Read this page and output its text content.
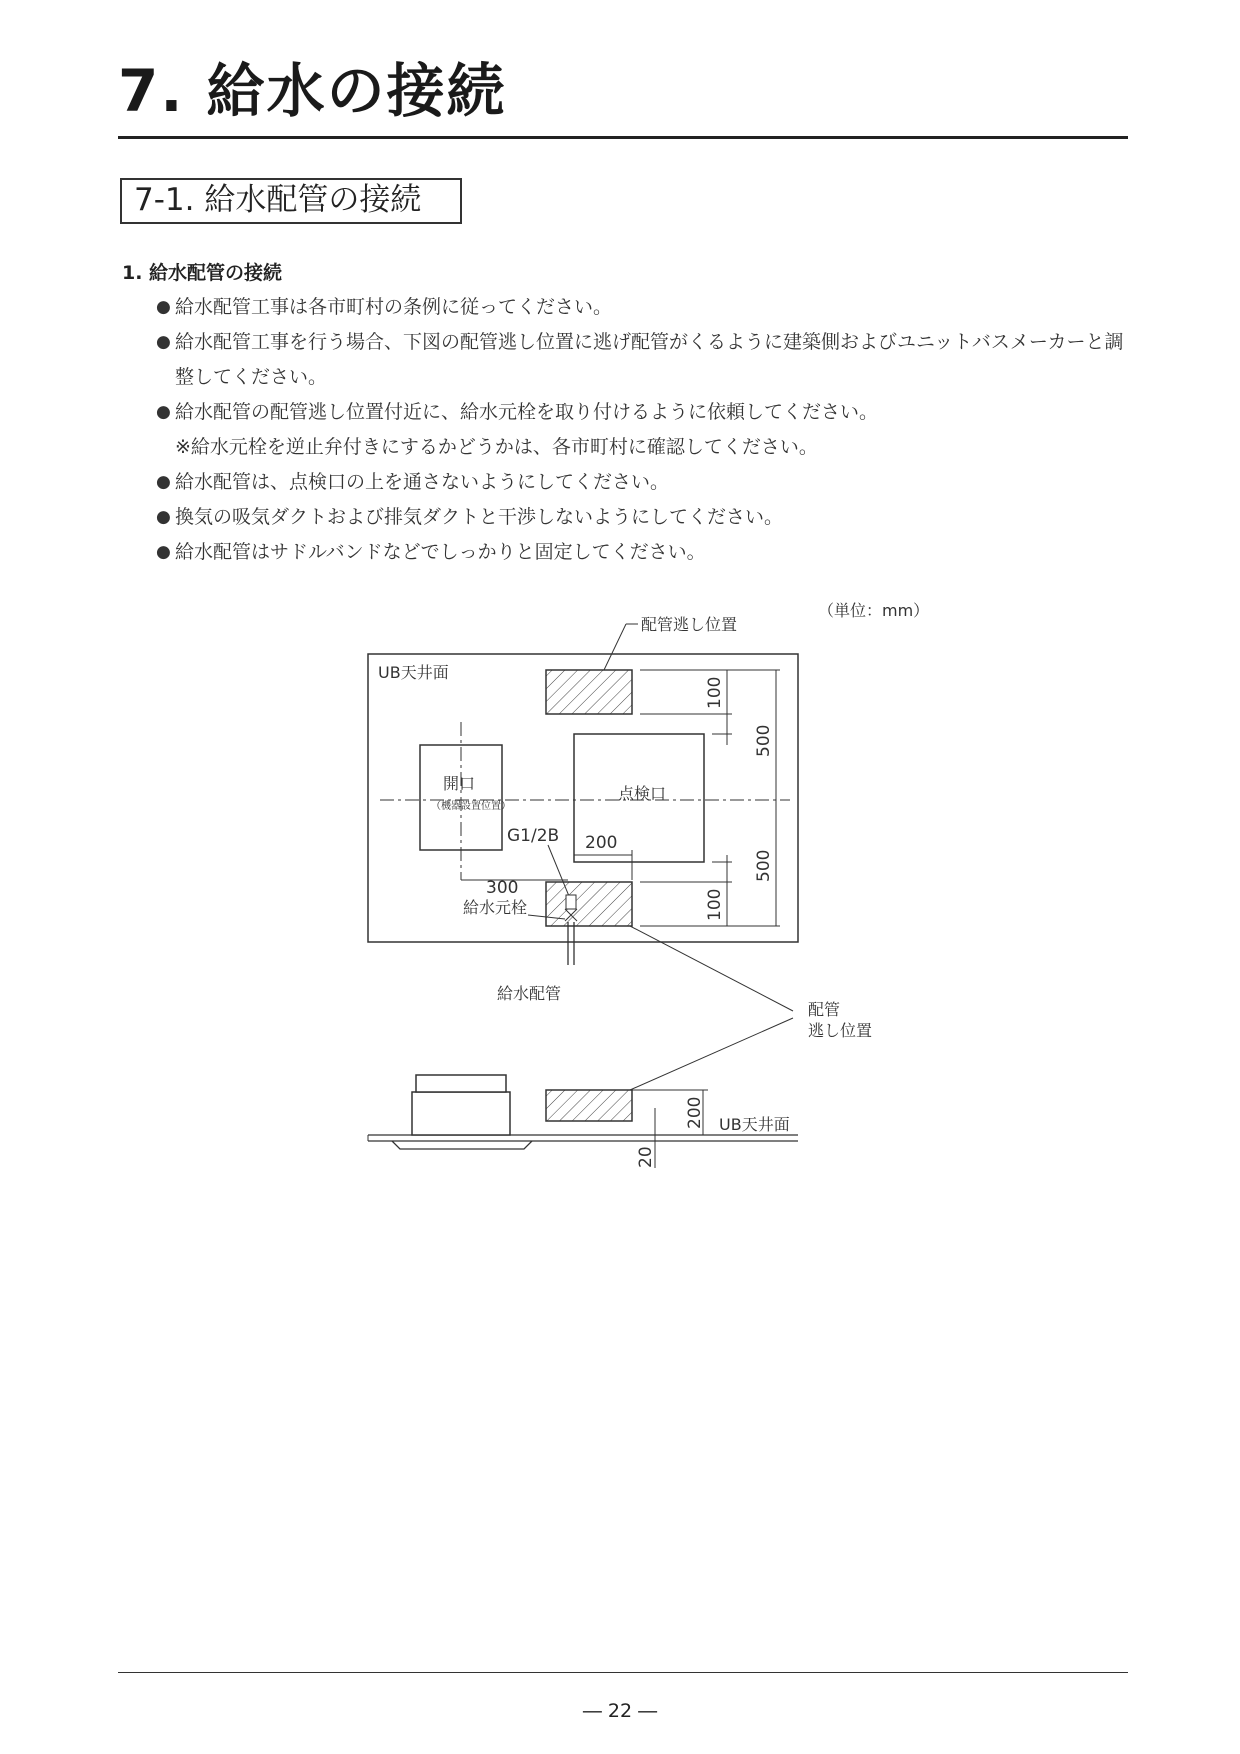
7. 給水の接続
7-1. 給水配管の接続
1. 給水配管の接続
● 給水配管工事は各市町村の条例に従ってください。
● 給水配管工事を行う場合、下図の配管逃し位置に逃げ配管がくるように建築側およびユニットバスメーカーと調整してください。
● 給水配管の配管逃し位置付近に、給水元栓を取り付けるように依頼してください。
※給水元栓を逆止弁付きにするかどうかは、各市町村に確認してください。
● 給水配管は、点検口の上を通さないようにしてください。
● 換気の吸気ダクトおよび排気ダクトと干渉しないようにしてください。
● 給水配管はサドルバンドなどでしっかりと固定してください。
（単位：mm）
UB天井面
配管逃し位置
開口
（機器設置位置）
点検口
200
300
G1/2B
給水元栓
給水配管
100
500
500
100
配管
逃し位置
200
20
UB天井面
― 22 ―
